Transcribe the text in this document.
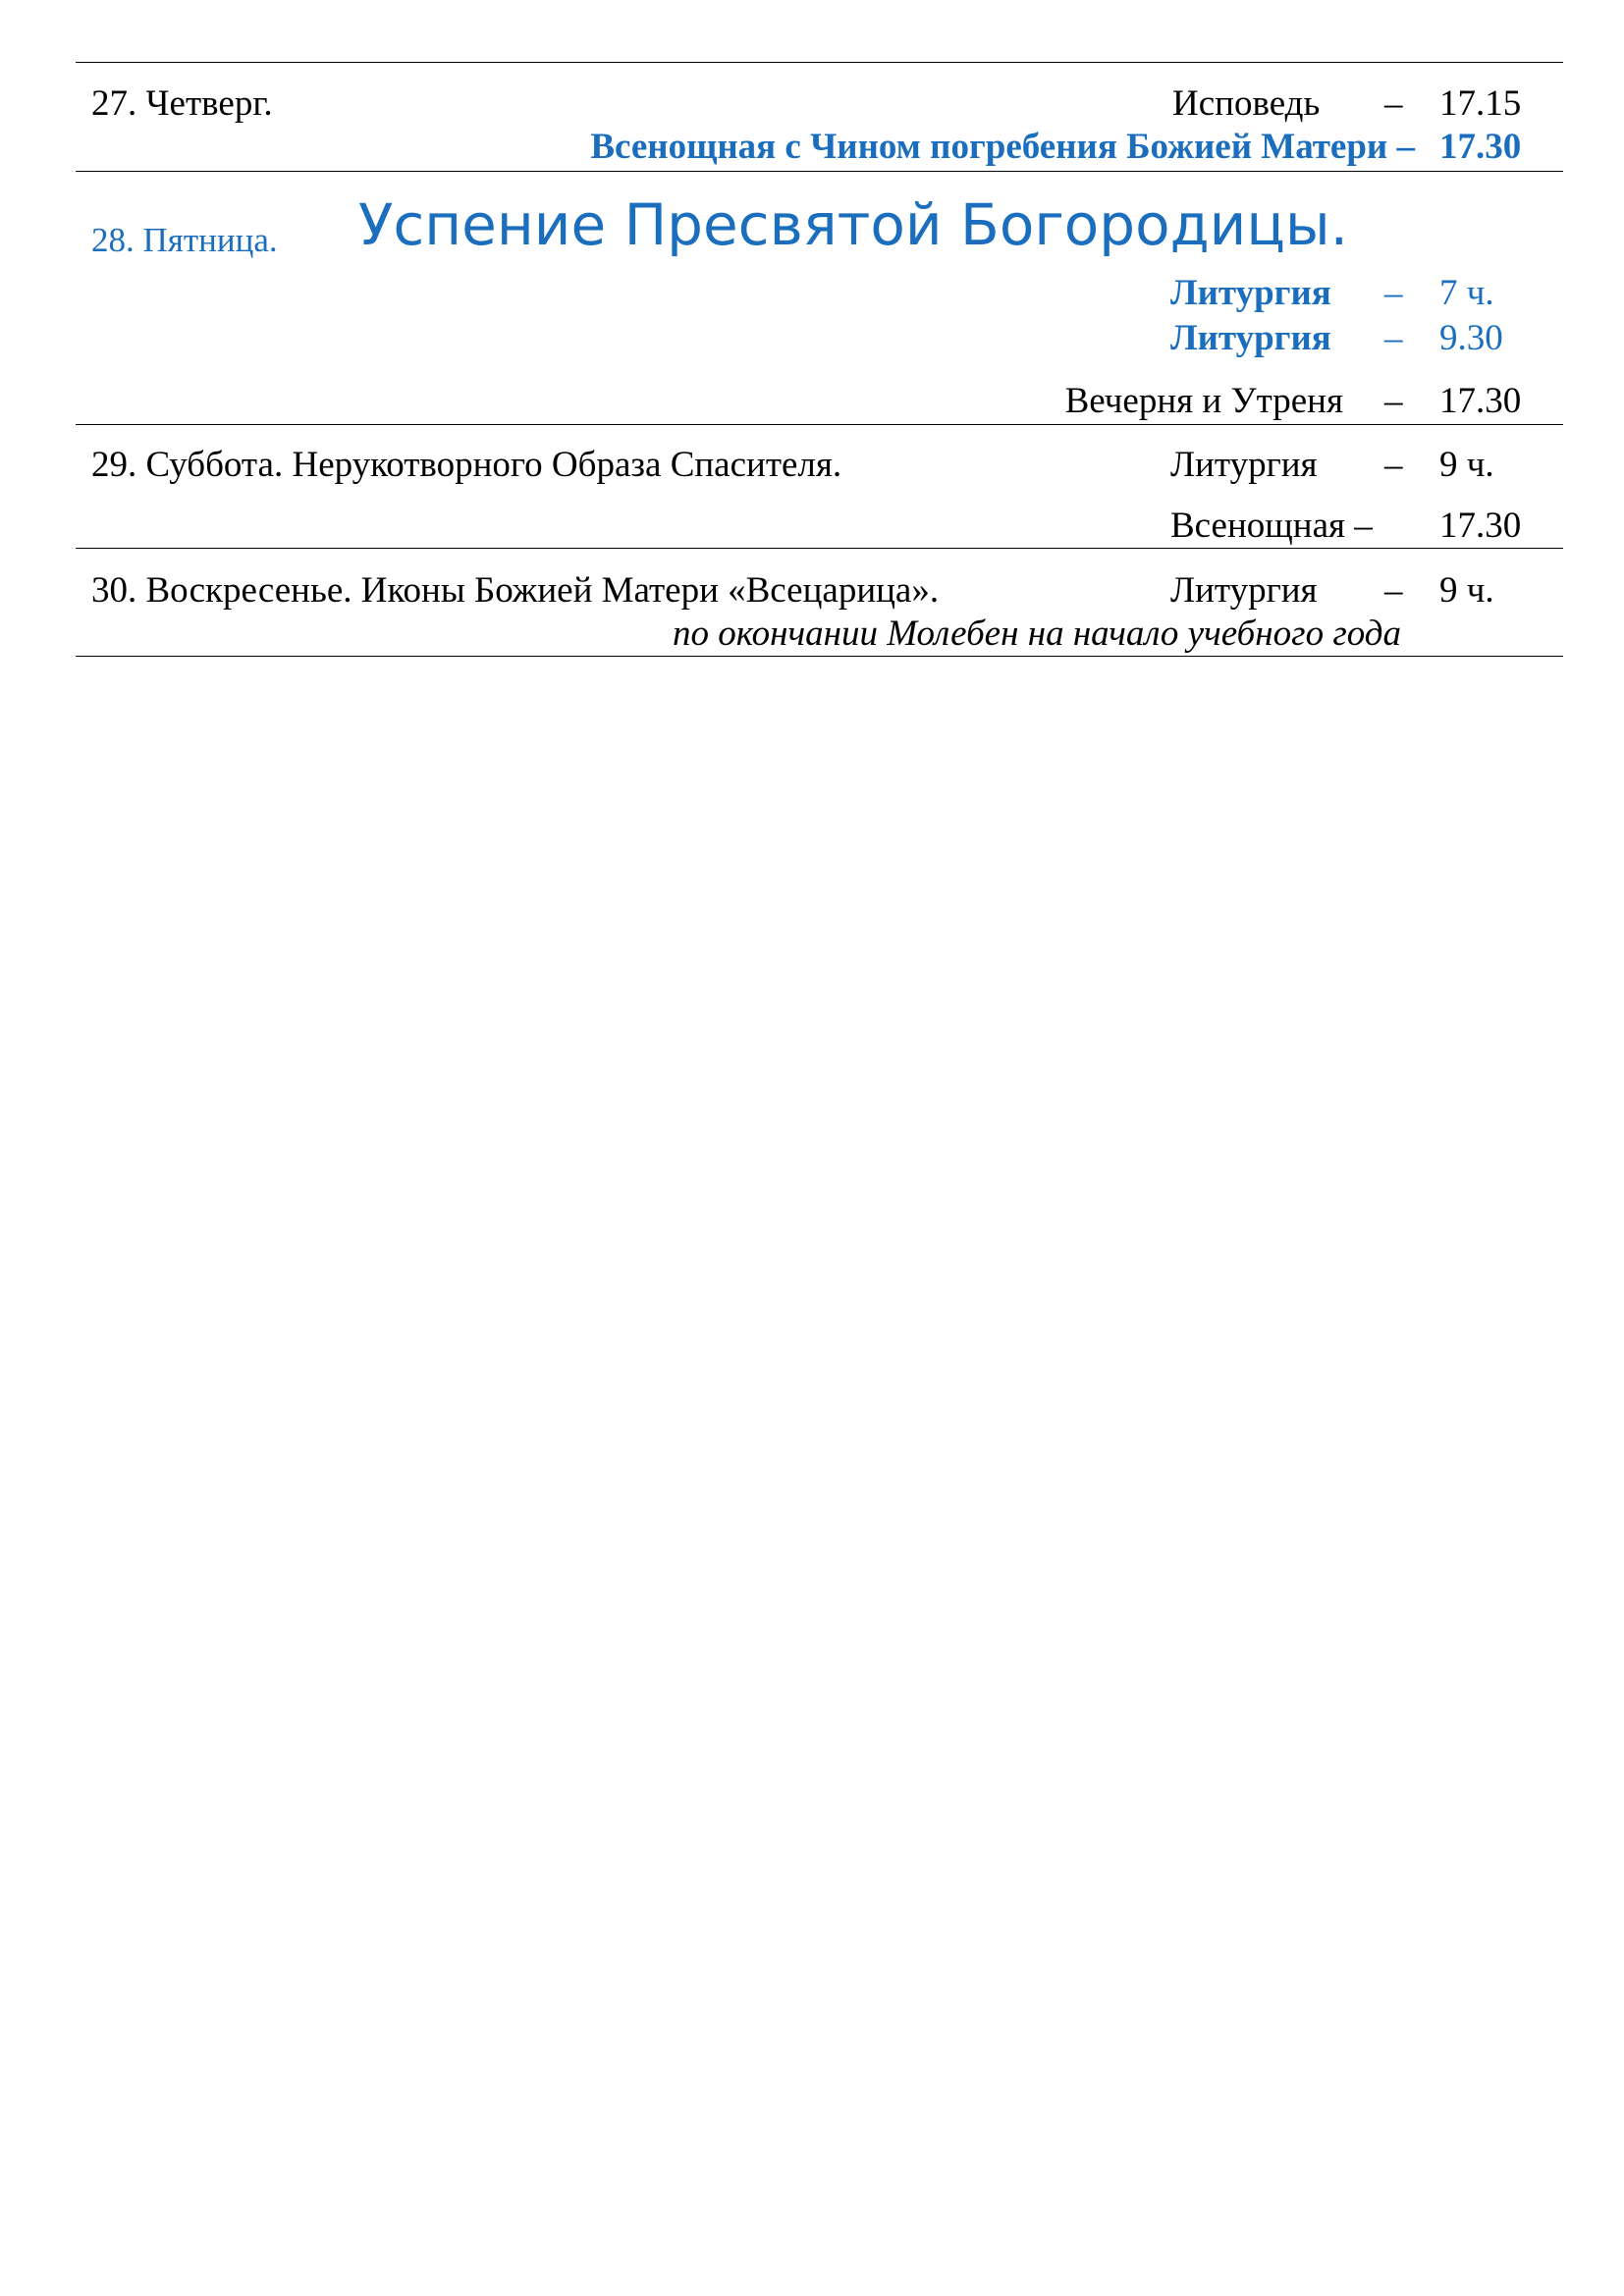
27. Четверг.	Исповедь – 17.15
Всенощная с Чином погребения Божией Матери – 17.30
28. Пятница. Успение Пресвятой Богородицы.
Литургия – 7 ч.
Литургия – 9.30
Вечерня и Утреня – 17.30
29. Суббота. Нерукотворного Образа Спасителя.	Литургия – 9 ч.
Всенощная – 17.30
30. Воскресенье. Иконы Божией Матери «Всецарица».	Литургия – 9 ч.
по окончании Молебен на начало учебного года
